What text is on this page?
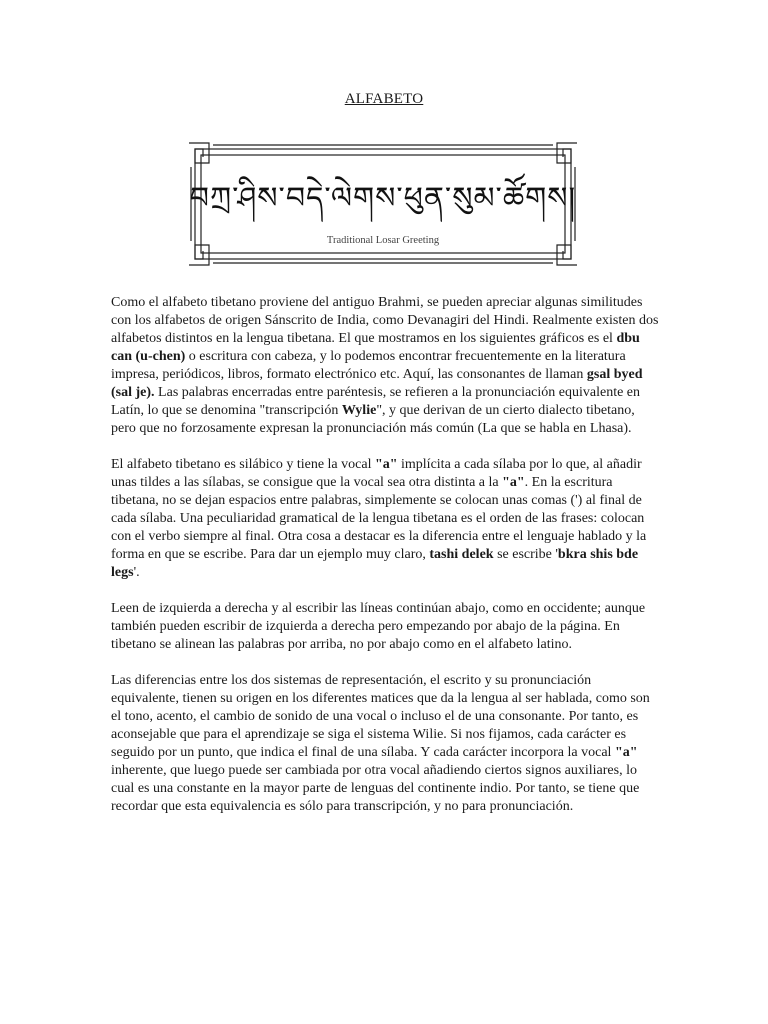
ALFABETO
བཀྲ་ཤིས་བདེ་ལེགས་ཕུན་སུམ་ཚོགས།
Traditional Losar Greeting

Como el alfabeto tibetano proviene del antiguo Brahmi, se pueden apreciar algunas similitudes con los alfabetos de origen Sánscrito de India, como Devanagiri del Hindi. Realmente existen dos alfabetos distintos en la lengua tibetana. El que mostramos en los siguientes gráficos es el dbu can (u-chen) o escritura con cabeza, y lo podemos encontrar frecuentemente en la literatura impresa, periódicos, libros, formato electrónico etc. Aquí, las consonantes de llaman gsal byed (sal je). Las palabras encerradas entre paréntesis, se refieren a la pronunciación equivalente en Latín, lo que se denomina "transcripción Wylie", y que derivan de un cierto dialecto tibetano, pero que no forzosamente expresan la pronunciación más común (La que se habla en Lhasa).

El alfabeto tibetano es silábico y tiene la vocal "a" implícita a cada sílaba por lo que, al añadir unas tildes a las sílabas, se consigue que la vocal sea otra distinta a la "a". En la escritura tibetana, no se dejan espacios entre palabras, simplemente se colocan unas comas (') al final de cada sílaba. Una peculiaridad gramatical de la lengua tibetana es el orden de las frases: colocan con el verbo siempre al final. Otra cosa a destacar es la diferencia entre el lenguaje hablado y la forma en que se escribe. Para dar un ejemplo muy claro, tashi delek se escribe 'bkra shis bde legs'.

Leen de izquierda a derecha y al escribir las líneas continúan abajo, como en occidente; aunque también pueden escribir de izquierda a derecha pero empezando por abajo de la página. En tibetano se alinean las palabras por arriba, no por abajo como en el alfabeto latino.

Las diferencias entre los dos sistemas de representación, el escrito y su pronunciación equivalente, tienen su origen en los diferentes matices que da la lengua al ser hablada, como son el tono, acento, el cambio de sonido de una vocal o incluso el de una consonante. Por tanto, es aconsejable que para el aprendizaje se siga el sistema Wilie. Si nos fijamos, cada carácter es seguido por un punto, que indica el final de una sílaba. Y cada carácter incorpora la vocal "a" inherente, que luego puede ser cambiada por otra vocal añadiendo ciertos signos auxiliares, lo cual es una constante en la mayor parte de lenguas del continente indio. Por tanto, se tiene que recordar que esta equivalencia es sólo para transcripción, y no para pronunciación.
